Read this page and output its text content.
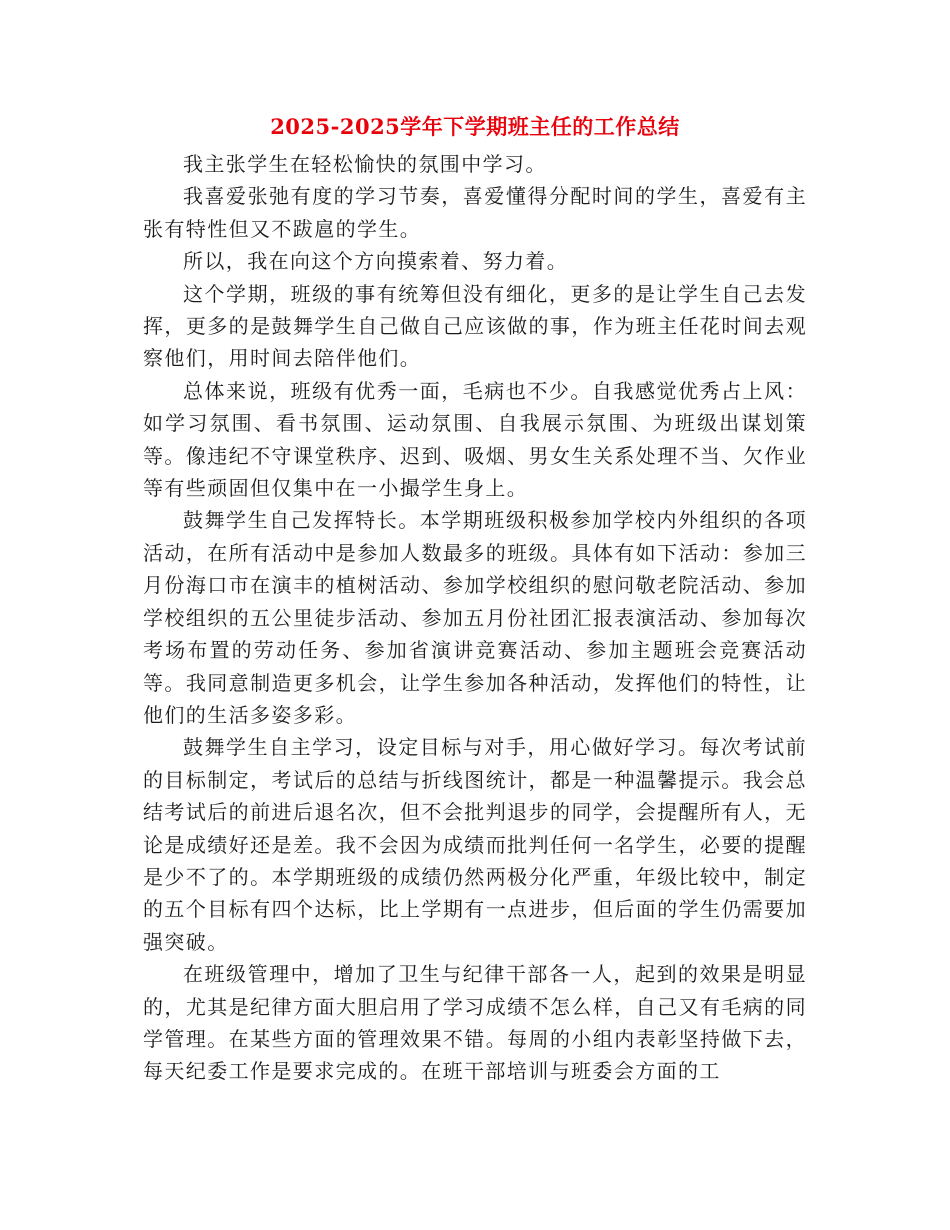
2025-2025学年下学期班主任的工作总结

我主张学生在轻松愉快的氛围中学习。

我喜爱张弛有度的学习节奏，喜爱懂得分配时间的学生，喜爱有主张有特性但又不跋扈的学生。

所以，我在向这个方向摸索着、努力着。

这个学期，班级的事有统筹但没有细化，更多的是让学生自己去发挥，更多的是鼓舞学生自己做自己应该做的事，作为班主任花时间去观察他们，用时间去陪伴他们。

总体来说，班级有优秀一面，毛病也不少。自我感觉优秀占上风：如学习氛围、看书氛围、运动氛围、自我展示氛围、为班级出谋划策等。像违纪不守课堂秩序、迟到、吸烟、男女生关系处理不当、欠作业等有些顽固但仅集中在一小撮学生身上。

鼓舞学生自己发挥特长。本学期班级积极参加学校内外组织的各项活动，在所有活动中是参加人数最多的班级。具体有如下活动：参加三月份海口市在演丰的植树活动、参加学校组织的慰问敬老院活动、参加学校组织的五公里徒步活动、参加五月份社团汇报表演活动、参加每次考场布置的劳动任务、参加省演讲竞赛活动、参加主题班会竞赛活动等。我同意制造更多机会，让学生参加各种活动，发挥他们的特性，让他们的生活多姿多彩。

鼓舞学生自主学习，设定目标与对手，用心做好学习。每次考试前的目标制定，考试后的总结与折线图统计，都是一种温馨提示。我会总结考试后的前进后退名次，但不会批判退步的同学，会提醒所有人，无论是成绩好还是差。我不会因为成绩而批判任何一名学生，必要的提醒是少不了的。本学期班级的成绩仍然两极分化严重，年级比较中，制定的五个目标有四个达标，比上学期有一点进步，但后面的学生仍需要加强突破。

在班级管理中，增加了卫生与纪律干部各一人，起到的效果是明显的，尤其是纪律方面大胆启用了学习成绩不怎么样，自己又有毛病的同学管理。在某些方面的管理效果不错。每周的小组内表彰坚持做下去，每天纪委工作是要求完成的。在班干部培训与班委会方面的工
